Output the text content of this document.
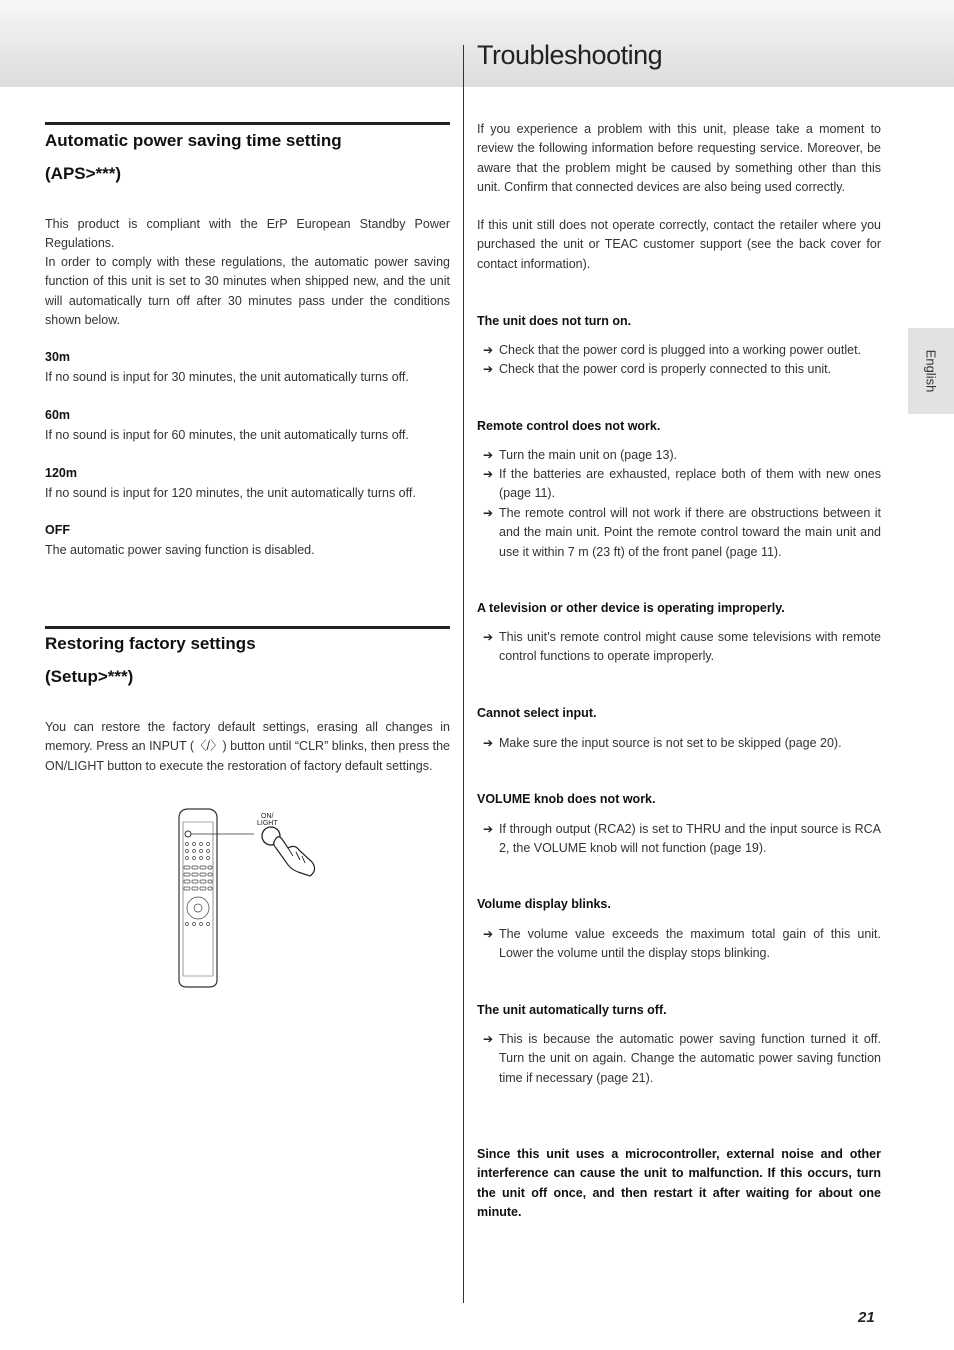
Troubleshooting
English
Automatic power saving time setting
(APS>***)

This product is compliant with the ErP European Standby Power Regulations.

In order to comply with these regulations, the automatic power saving function of this unit is set to 30 minutes when shipped new, and the unit will automatically turn off after 30 minutes pass under the conditions shown below.

30m
If no sound is input for 30 minutes, the unit automatically turns off.
60m
If no sound is input for 60 minutes, the unit automatically turns off.
120m
If no sound is input for 120 minutes, the unit automatically turns off.
OFF
The automatic power saving function is disabled.
Restoring factory settings
(Setup>***)

You can restore the factory default settings, erasing all changes in memory. Press an INPUT (〈/〉) button until “CLR” blinks, then press the ON/LIGHT button to execute the restoration of factory default settings.

ON/
LIGHT

If you experience a problem with this unit, please take a moment to review the following information before requesting service. Moreover, be aware that the problem might be caused by something other than this unit. Confirm that connected devices are also being used correctly.

If this unit still does not operate correctly, contact the retailer where you purchased the unit or TEAC customer support (see the back cover for contact information).

The unit does not turn on.
➔ Check that the power cord is plugged into a working power outlet.
➔ Check that the power cord is properly connected to this unit.
Remote control does not work.
➔ Turn the main unit on (page 13).
➔ If the batteries are exhausted, replace both of them with new ones (page 11).
➔ The remote control will not work if there are obstructions between it and the main unit. Point the remote control toward the main unit and use it within 7 m (23 ft) of the front panel (page 11).
A television or other device is operating improperly.
➔ This unit’s remote control might cause some televisions with remote control functions to operate improperly.
Cannot select input.
➔ Make sure the input source is not set to be skipped (page 20).
VOLUME knob does not work.
➔ If through output (RCA2) is set to THRU and the input source is RCA 2, the VOLUME knob will not function (page 19).
Volume display blinks.
➔ The volume value exceeds the maximum total gain of this unit. Lower the volume until the display stops blinking.
The unit automatically turns off.
➔ This is because the automatic power saving function turned it off. Turn the unit on again. Change the automatic power saving function time if necessary (page 21).

Since this unit uses a microcontroller, external noise and other interference can cause the unit to malfunction. If this occurs, turn the unit off once, and then restart it after waiting for about one minute.

21
